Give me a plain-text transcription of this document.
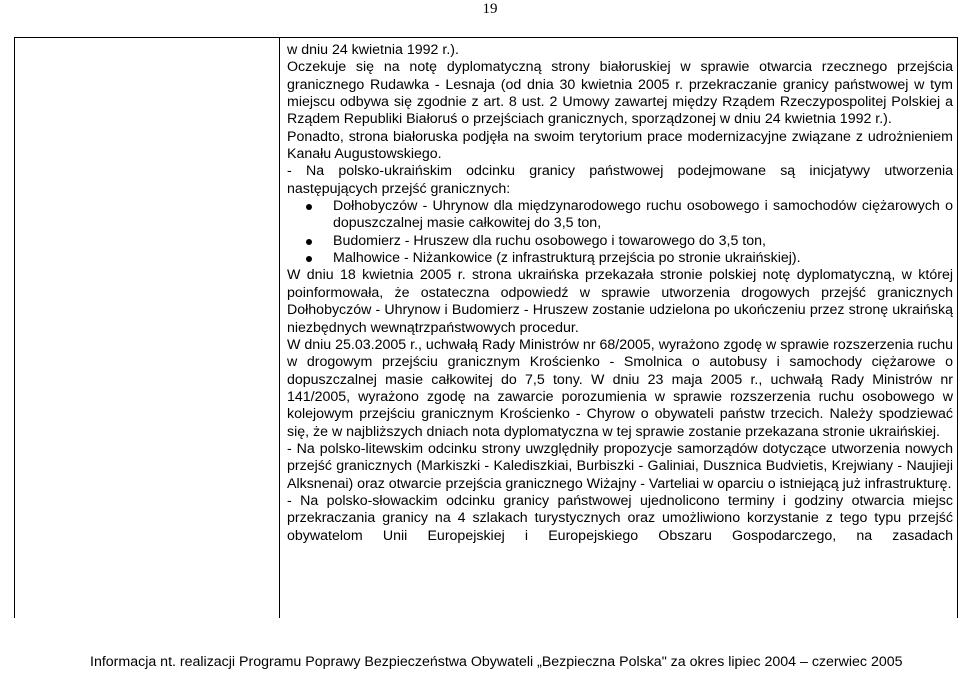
19
w dniu 24 kwietnia 1992 r.).
Oczekuje się na notę dyplomatyczną strony białoruskiej w sprawie otwarcia rzecznego przejścia granicznego Rudawka - Lesnaja (od dnia 30 kwietnia 2005 r. przekraczanie granicy państwowej w tym miejscu odbywa się zgodnie z art. 8 ust. 2 Umowy zawartej między Rządem Rzeczypospolitej Polskiej a Rządem Republiki Białoruś o przejściach granicznych, sporządzonej w dniu 24 kwietnia 1992 r.).
Ponadto, strona białoruska podjęła na swoim terytorium prace modernizacyjne związane z udrożnieniem Kanału Augustowskiego.
- Na polsko-ukraińskim odcinku granicy państwowej podejmowane są inicjatywy utworzenia następujących przejść granicznych:
Dołhobyczów - Uhrynow dla międzynarodowego ruchu osobowego i samochodów ciężarowych o dopuszczalnej masie całkowitej do 3,5 ton,
Budomierz - Hruszew dla ruchu osobowego i towarowego do 3,5 ton,
Malhowice - Niżankowice (z infrastrukturą przejścia po stronie ukraińskiej).
W dniu 18 kwietnia 2005 r. strona ukraińska przekazała stronie polskiej notę dyplomatyczną, w której poinformowała, że ostateczna odpowiedź w sprawie utworzenia drogowych przejść granicznych Dołhobyczów - Uhrynow i Budomierz - Hruszew zostanie udzielona po ukończeniu przez stronę ukraińską niezbędnych wewnątrzpaństwowych procedur.
W dniu 25.03.2005 r., uchwałą Rady Ministrów nr 68/2005, wyrażono zgodę w sprawie rozszerzenia ruchu w drogowym przejściu granicznym Krościenko - Smolnica o autobusy i samochody ciężarowe o dopuszczalnej masie całkowitej do 7,5 tony. W dniu 23 maja 2005 r., uchwałą Rady Ministrów nr 141/2005, wyrażono zgodę na zawarcie porozumienia w sprawie rozszerzenia ruchu osobowego w kolejowym przejściu granicznym Krościenko - Chyrow o obywateli państw trzecich. Należy spodziewać się, że w najbliższych dniach nota dyplomatyczna w tej sprawie zostanie przekazana stronie ukraińskiej.
- Na polsko-litewskim odcinku strony uwzględniły propozycje samorządów dotyczące utworzenia nowych przejść granicznych (Markiszki - Kalediszkiai, Burbiszki - Galiniai, Dusznica Budvietis, Krejwiany - Naujieji Alksnenai) oraz otwarcie przejścia granicznego Wiżajny - Varteliai w oparciu o istniejącą już infrastrukturę.
- Na polsko-słowackim odcinku granicy państwowej ujednolicono terminy i godziny otwarcia miejsc przekraczania granicy na 4 szlakach turystycznych oraz umożliwiono korzystanie z tego typu przejść obywatelom Unii Europejskiej i Europejskiego Obszaru Gospodarczego, na zasadach
Informacja nt. realizacji Programu Poprawy Bezpieczeństwa Obywateli „Bezpieczna Polska" za okres lipiec 2004 – czerwiec 2005
